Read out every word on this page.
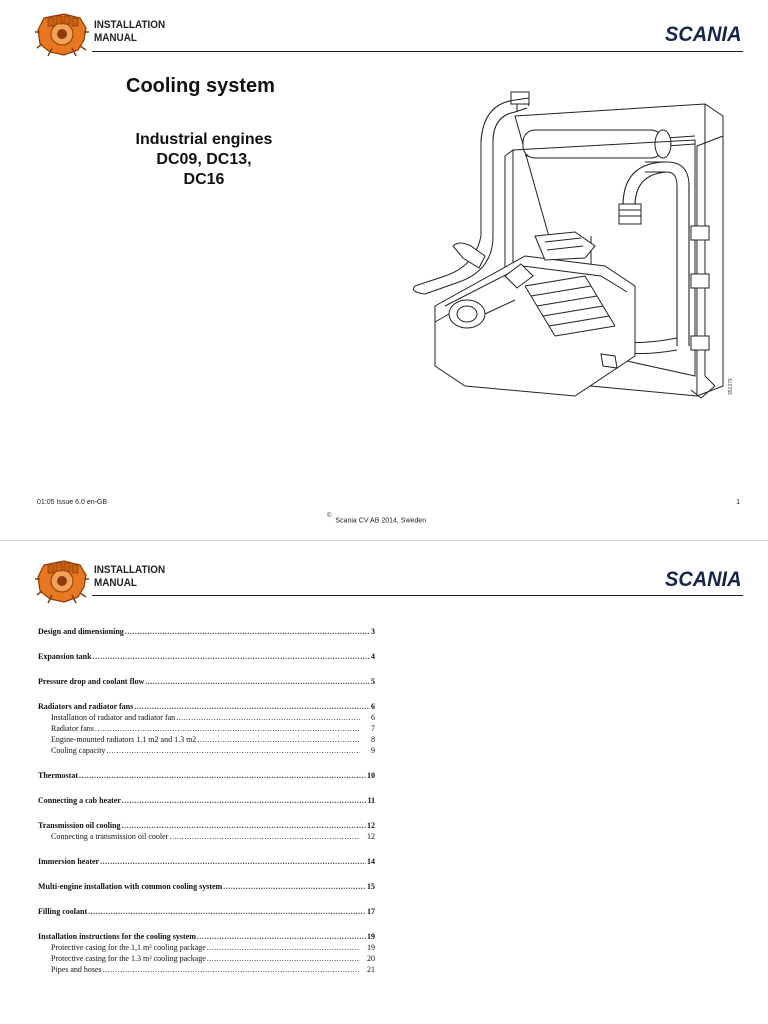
INSTALLATION
MANUAL	SCANIA
Cooling system
Industrial engines
DC09, DC13, DC16
351379
01:05 Issue 6.0 en-GB	1
©Scania CV AB 2014, Sweden
INSTALLATION
MANUAL	SCANIA
Design and dimensioning .....	3
Expansion tank .....	4
Pressure drop and coolant flow .....	5
Radiators and radiator fans .....	6
Installation of radiator and radiator fan .....	6
Radiator fans .....	7
Engine-mounted radiators 1.1 m2 and 1.3 m2 .....	8
Cooling capacity .....	9
Thermostat .....	10
Connecting a cab heater .....	11
Transmission oil cooling .....	12
Connecting a transmission oil cooler .....	12
Immersion heater .....	14
Multi-engine installation with common cooling system .....	15
Filling coolant .....	17
Installation instructions for the cooling system .....	19
Protective casing for the 1,1 m² cooling package .....	19
Protective casing for the 1.3 m² cooling package .....	20
Pipes and hoses .....	21
